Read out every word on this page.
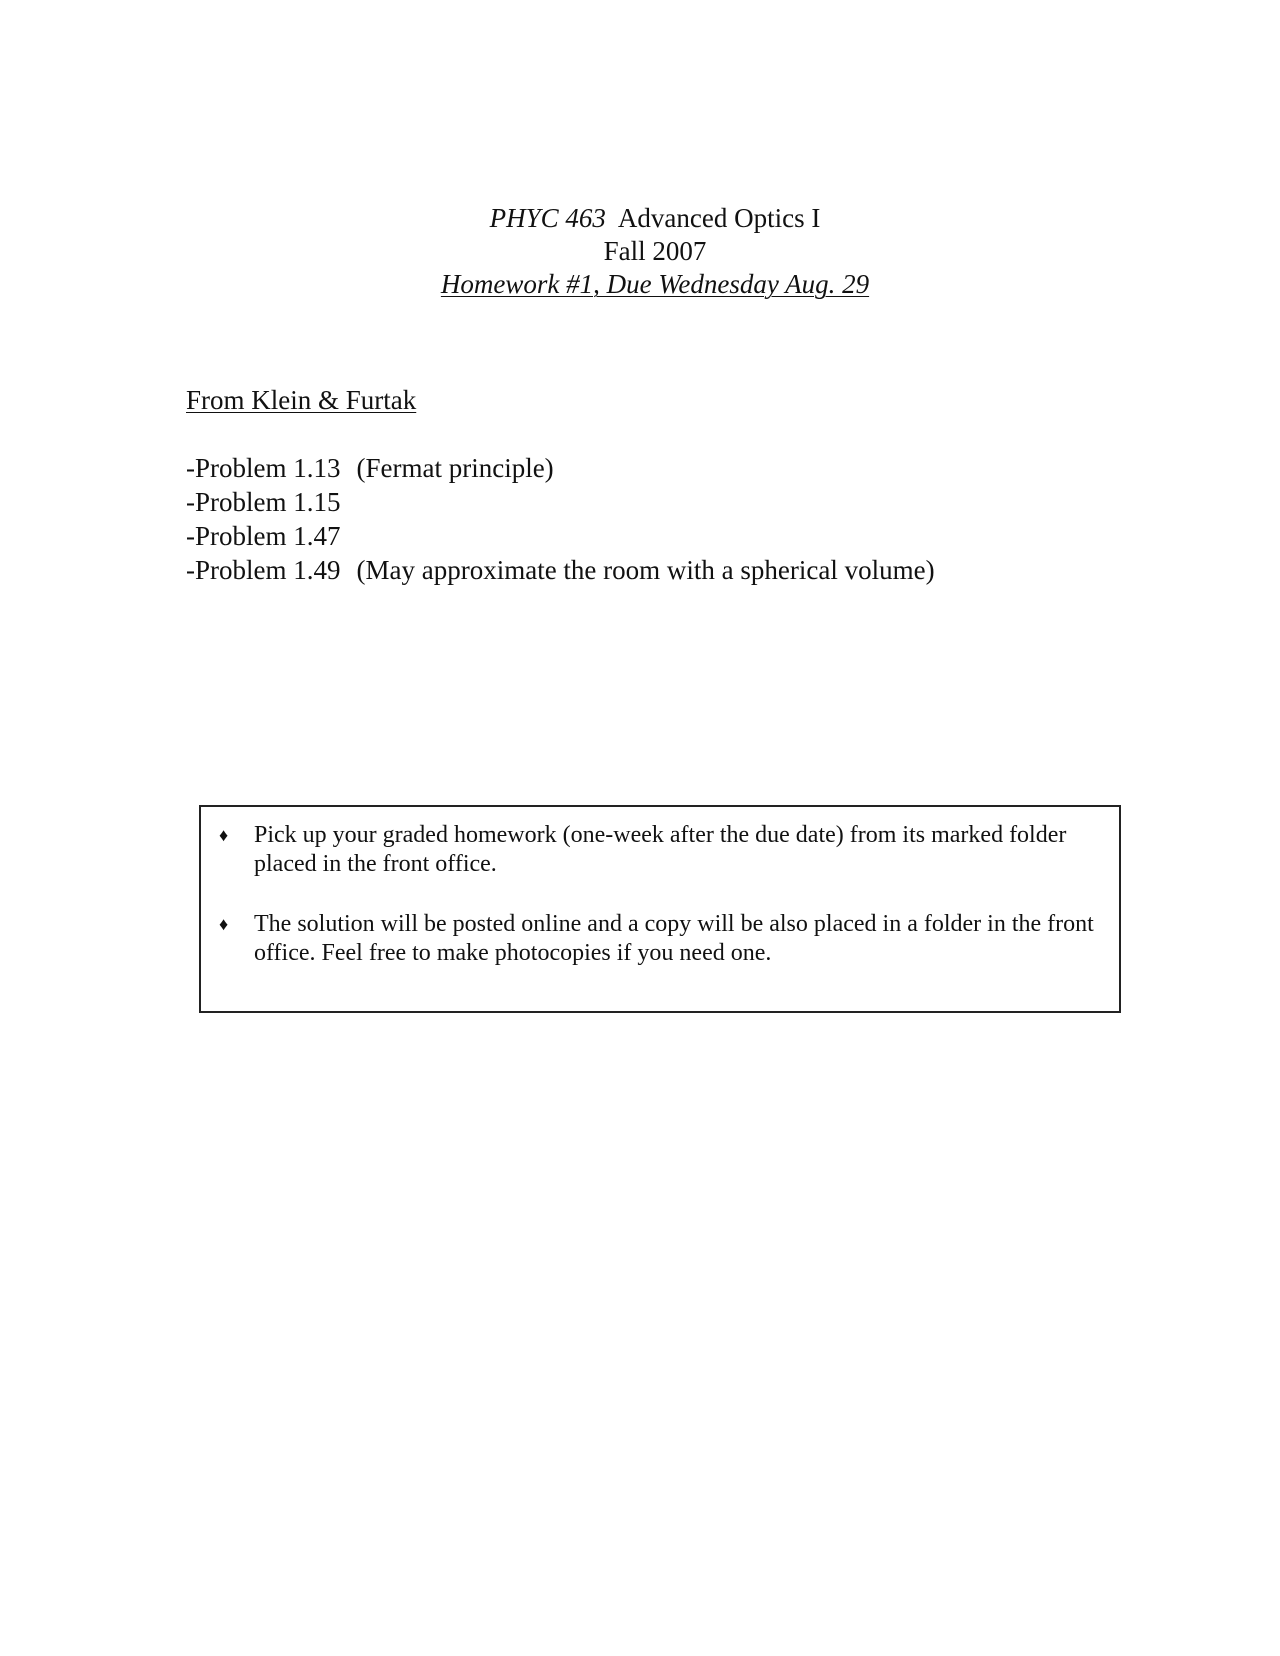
PHYC 463 Advanced Optics I
Fall 2007
Homework #1, Due Wednesday Aug. 29
From Klein & Furtak
-Problem 1.13 (Fermat principle)
-Problem 1.15
-Problem 1.47
-Problem 1.49 (May approximate the room with a spherical volume)
♦ Pick up your graded homework (one-week after the due date) from its marked folder placed in the front office.
♦ The solution will be posted online and a copy will be also placed in a folder in the front office. Feel free to make photocopies if you need one.
